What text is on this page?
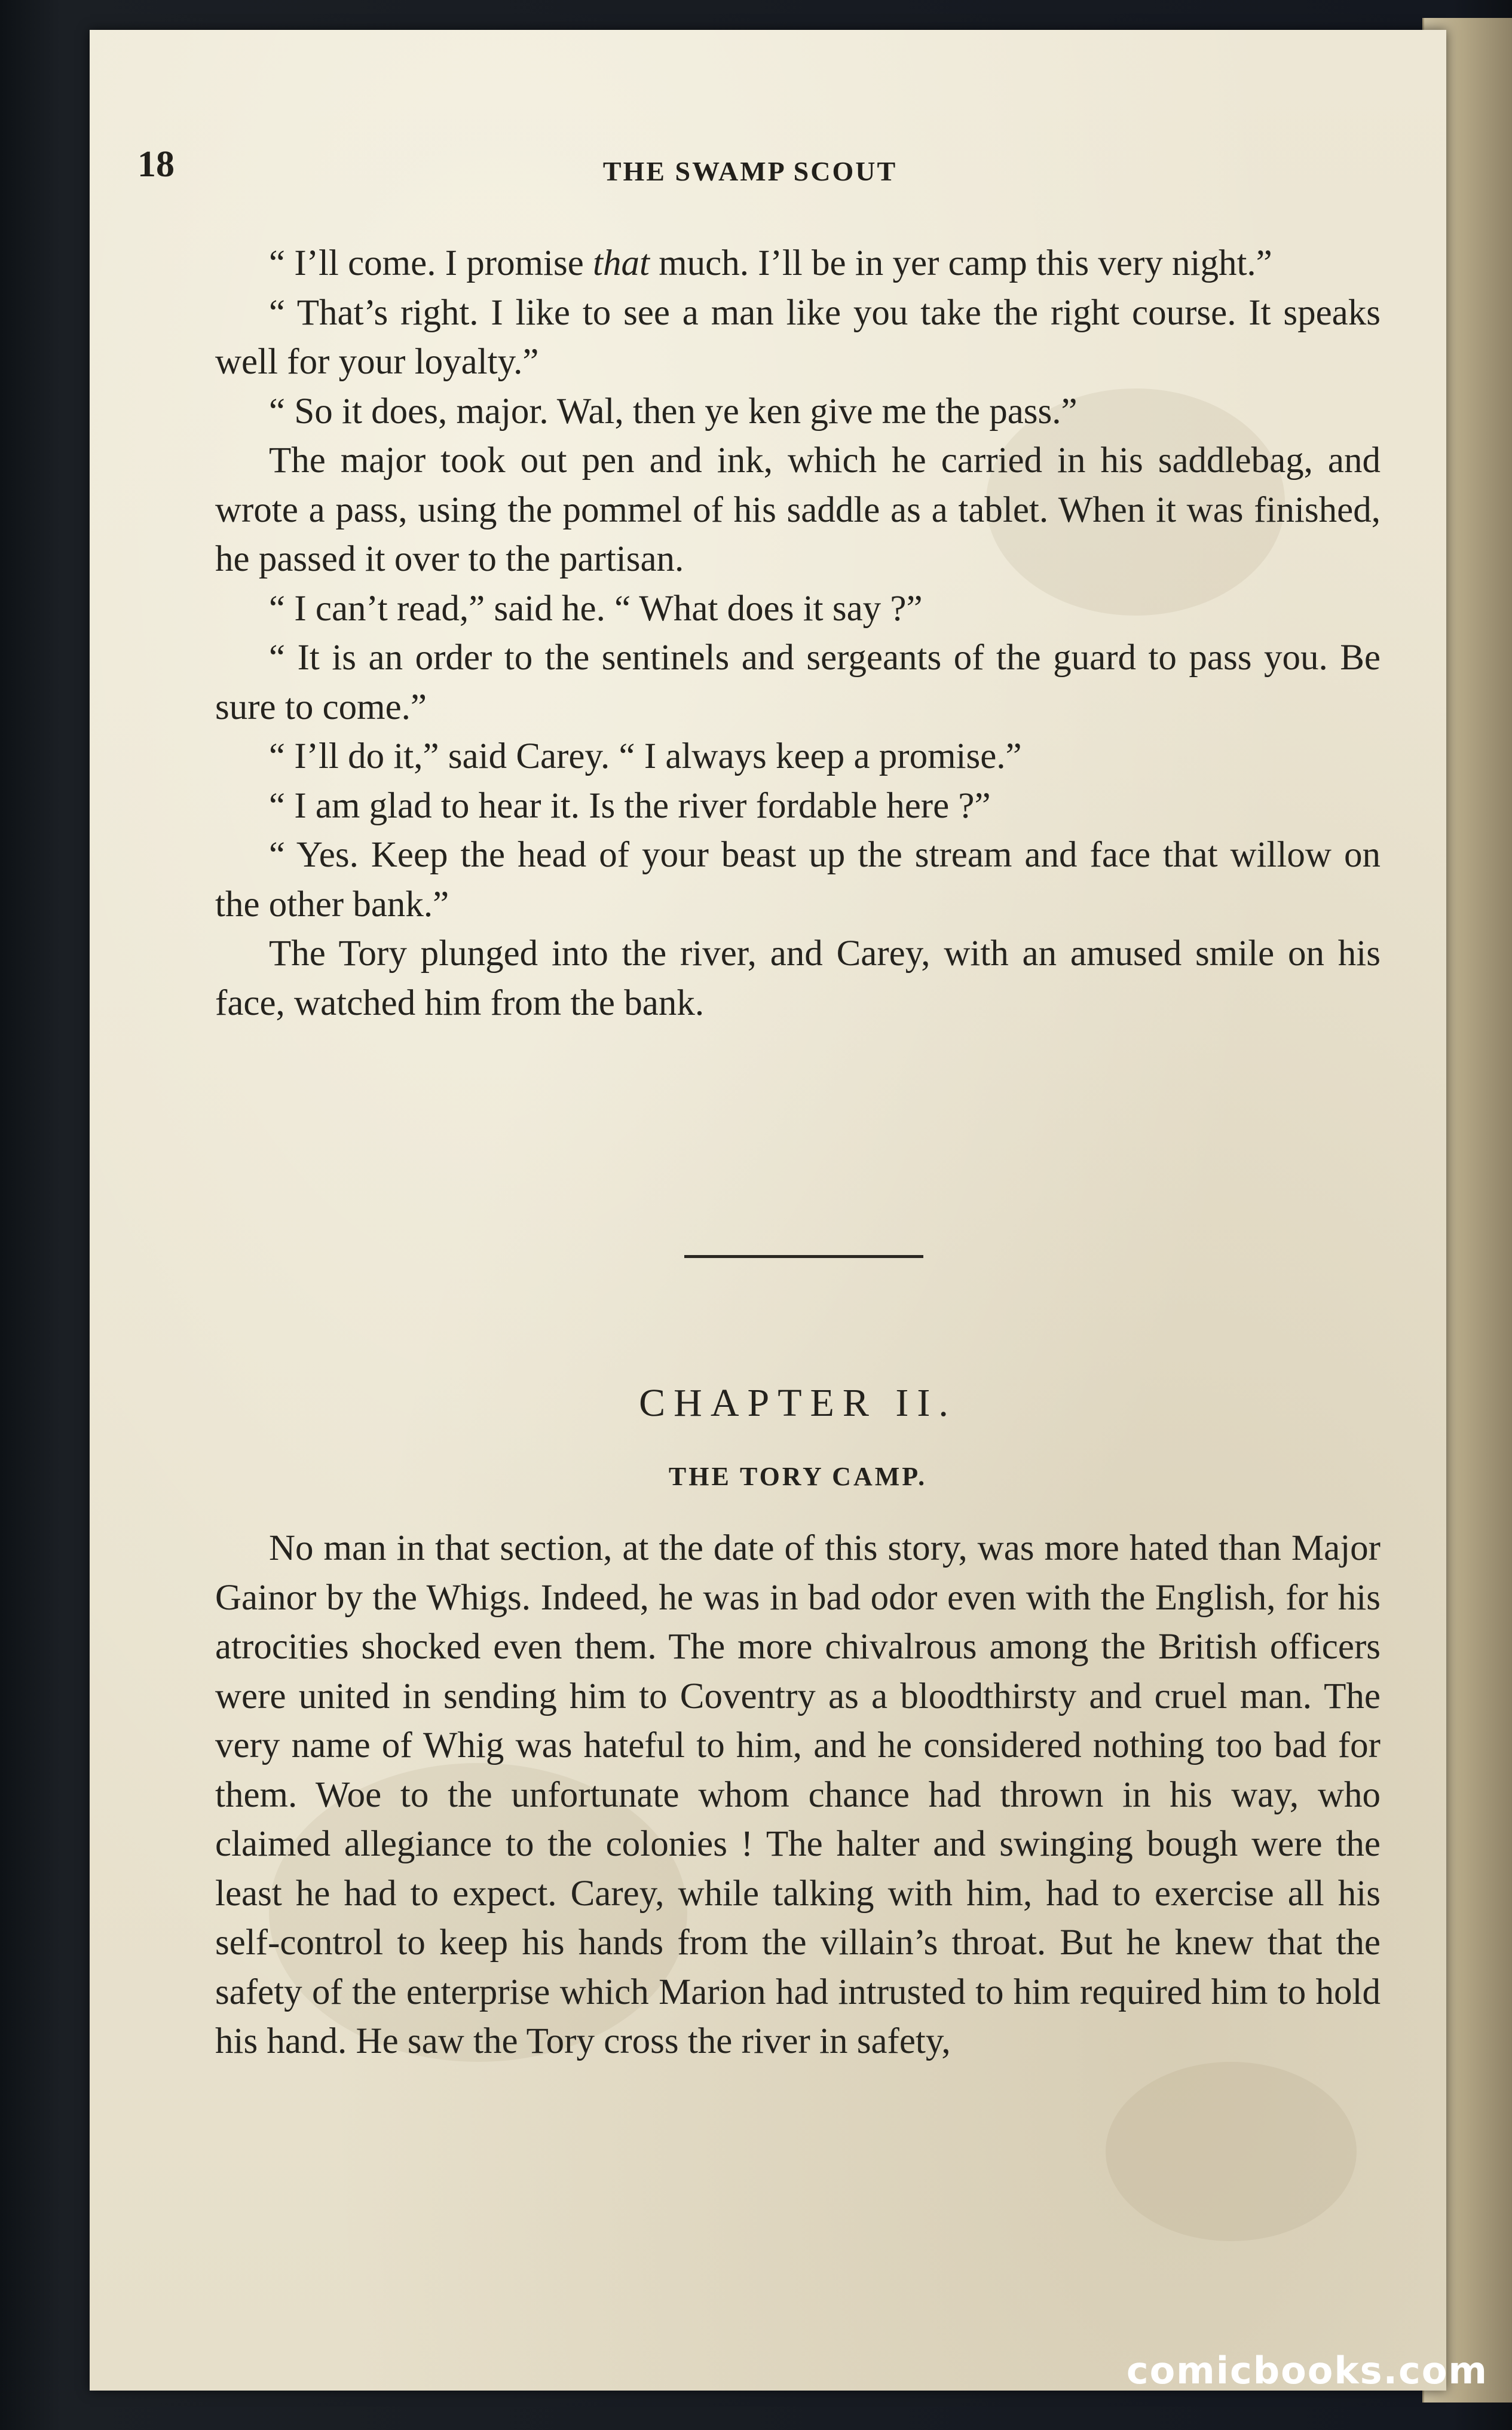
18	THE SWAMP SCOUT

“ I’ll come. I promise that much. I’ll be in yer camp this very night.”

“ That’s right. I like to see a man like you take the right course. It speaks well for your loyalty.”

“ So it does, major. Wal, then ye ken give me the pass.”

The major took out pen and ink, which he carried in his saddlebag, and wrote a pass, using the pommel of his saddle as a tablet. When it was finished, he passed it over to the partisan.

“ I can’t read,” said he. “ What does it say ?”

“ It is an order to the sentinels and sergeants of the guard to pass you. Be sure to come.”

“ I’ll do it,” said Carey. “ I always keep a promise.”

“ I am glad to hear it. Is the river fordable here ?”

“ Yes. Keep the head of your beast up the stream and face that willow on the other bank.”

The Tory plunged into the river, and Carey, with an amused smile on his face, watched him from the bank.

CHAPTER II.
THE TORY CAMP.

No man in that section, at the date of this story, was more hated than Major Gainor by the Whigs. Indeed, he was in bad odor even with the English, for his atrocities shocked even them. The more chivalrous among the British officers were united in sending him to Coventry as a bloodthirsty and cruel man. The very name of Whig was hateful to him, and he considered nothing too bad for them. Woe to the unfortunate whom chance had thrown in his way, who claimed allegiance to the colonies ! The halter and swinging bough were the least he had to expect. Carey, while talking with him, had to exercise all his self-control to keep his hands from the villain’s throat. But he knew that the safety of the enterprise which Marion had intrusted to him required him to hold his hand. He saw the Tory cross the river in safety,

comicbooks.com
